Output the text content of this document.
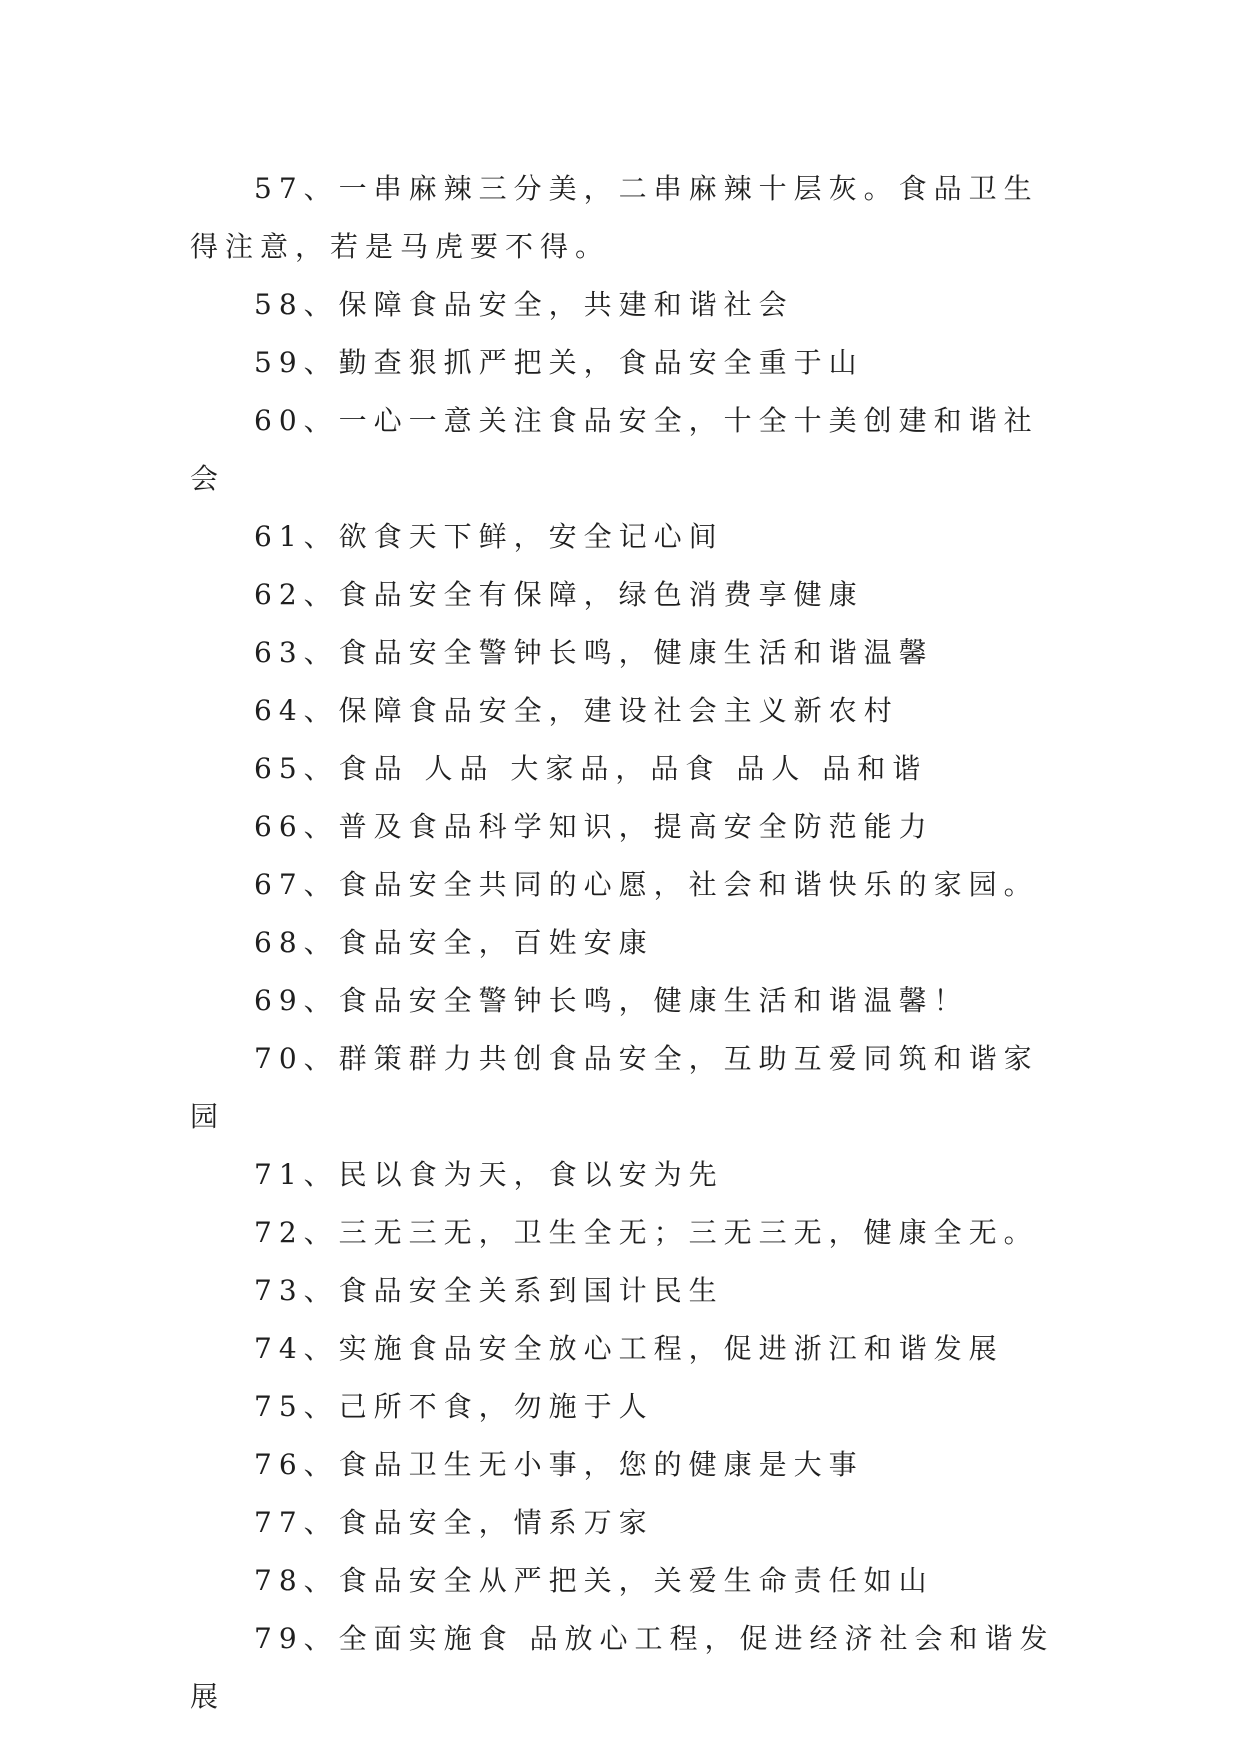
57、一串麻辣三分美，二串麻辣十层灰。食品卫生得注意，若是马虎要不得。

58、保障食品安全，共建和谐社会

59、勤查狠抓严把关，食品安全重于山

60、一心一意关注食品安全，十全十美创建和谐社会

61、欲食天下鲜，安全记心间

62、食品安全有保障，绿色消费享健康

63、食品安全警钟长鸣，健康生活和谐温馨

64、保障食品安全，建设社会主义新农村

65、食品 人品 大家品，品食 品人 品和谐

66、普及食品科学知识，提高安全防范能力

67、食品安全共同的心愿，社会和谐快乐的家园。

68、食品安全，百姓安康

69、食品安全警钟长鸣，健康生活和谐温馨！

70、群策群力共创食品安全，互助互爱同筑和谐家园

71、民以食为天，食以安为先

72、三无三无，卫生全无；三无三无，健康全无。

73、食品安全关系到国计民生

74、实施食品安全放心工程，促进浙江和谐发展

75、己所不食，勿施于人

76、食品卫生无小事，您的健康是大事

77、食品安全，情系万家

78、食品安全从严把关，关爱生命责任如山

79、全面实施食 品放心工程，促进经济社会和谐发展
